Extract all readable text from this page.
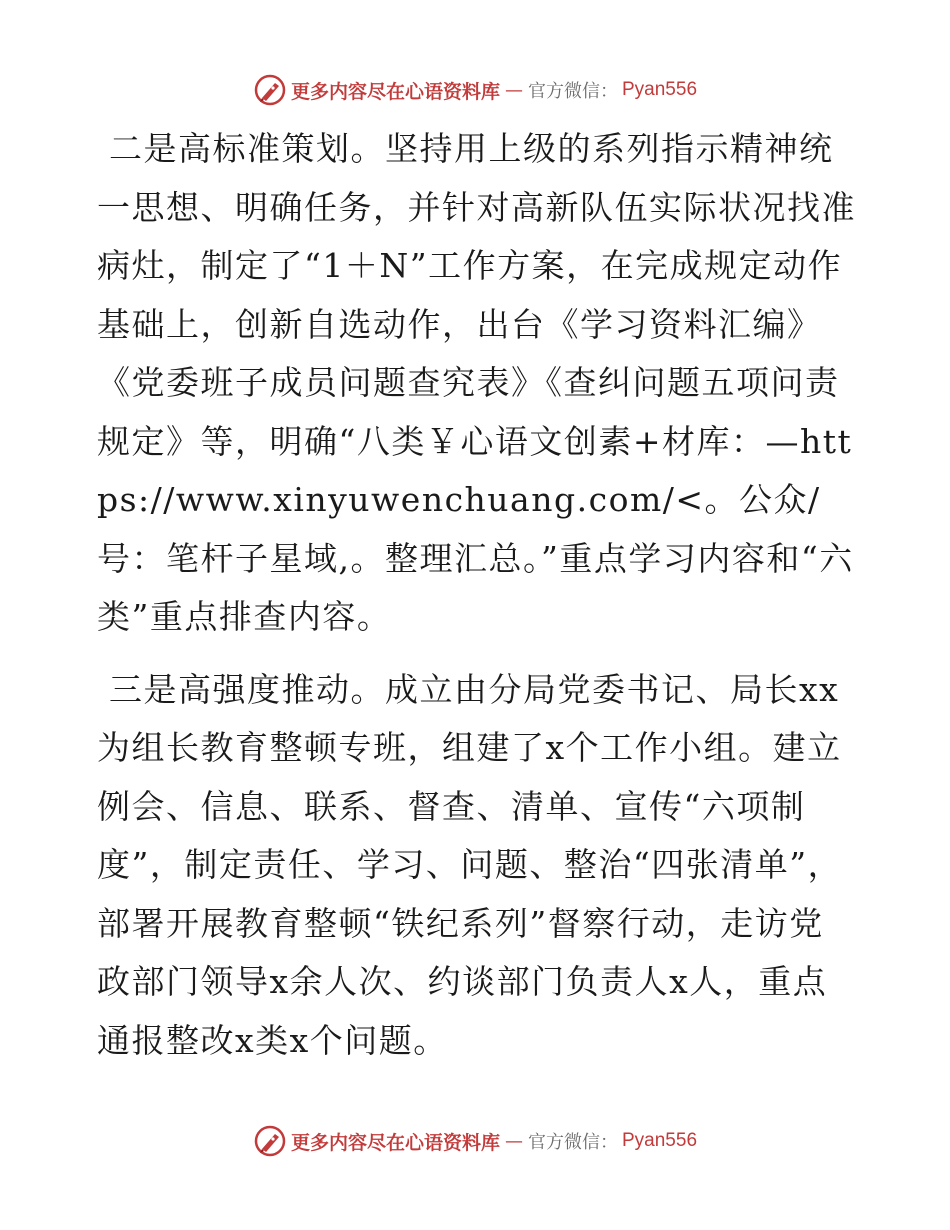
更多内容尽在心语资料库 — 官方微信： Pyan556

二是高标准策划。坚持用上级的系列指示精神统一思想、明确任务，并针对高新队伍实际状况找准病灶，制定了“1＋N”工作方案，在完成规定动作基础上，创新自选动作，出台《学习资料汇编》《党委班子成员问题查究表》《查纠问题五项问责规定》等，明确“八类￥心语文创素+材库：—https://www.xinyuwenchuang.com/<。公众/号：笔杆子星域,。整理汇总。”重点学习内容和“六类”重点排查内容。

三是高强度推动。成立由分局党委书记、局长xx为组长教育整顿专班，组建了x个工作小组。建立例会、信息、联系、督查、清单、宣传“六项制度”，制定责任、学习、问题、整治“四张清单”，部署开展教育整顿“铁纪系列”督察行动，走访党政部门领导x余人次、约谈部门负责人x人，重点通报整改x类x个问题。

更多内容尽在心语资料库 — 官方微信： Pyan556
